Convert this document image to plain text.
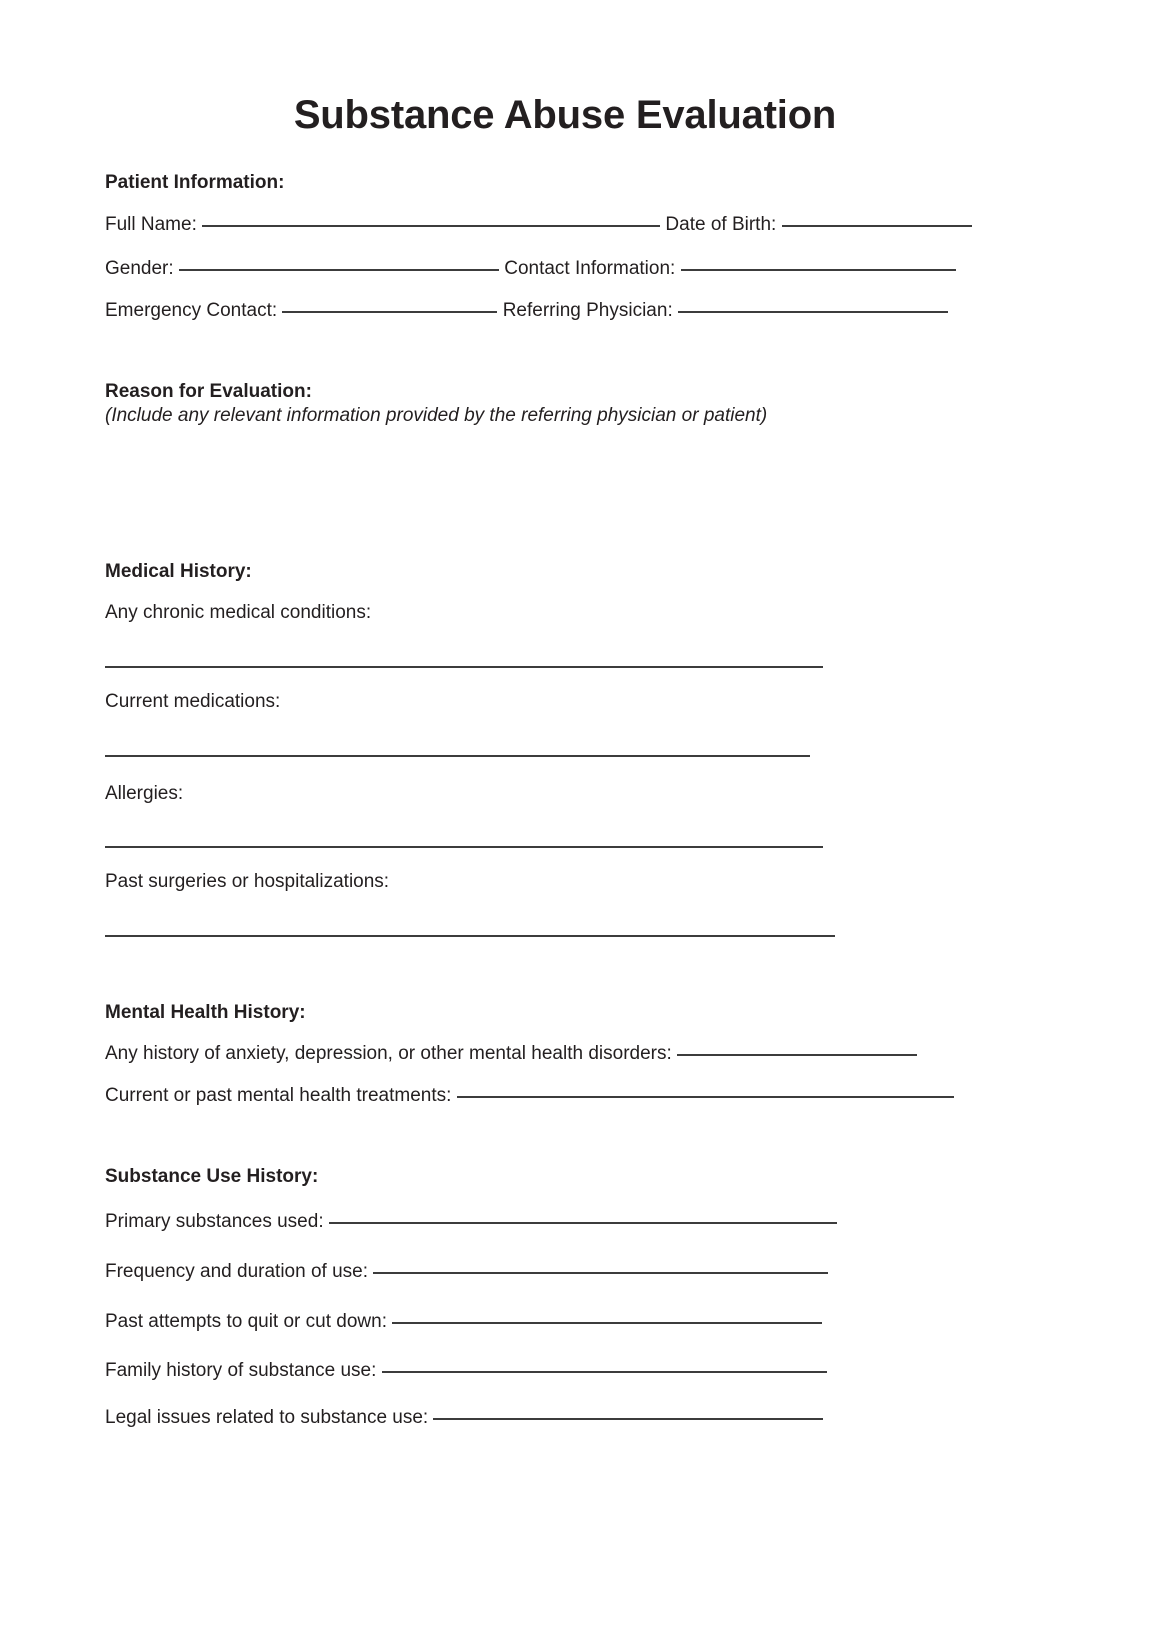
Substance Abuse Evaluation
Patient Information:
Full Name:	Date of Birth:
Gender:	Contact Information:
Emergency Contact:	Referring Physician:
Reason for Evaluation:
(Include any relevant information provided by the referring physician or patient)
Medical History:
Any chronic medical conditions:
Current medications:
Allergies:
Past surgeries or hospitalizations:
Mental Health History:
Any history of anxiety, depression, or other mental health disorders:
Current or past mental health treatments:
Substance Use History:
Primary substances used:
Frequency and duration of use:
Past attempts to quit or cut down:
Family history of substance use:
Legal issues related to substance use:
